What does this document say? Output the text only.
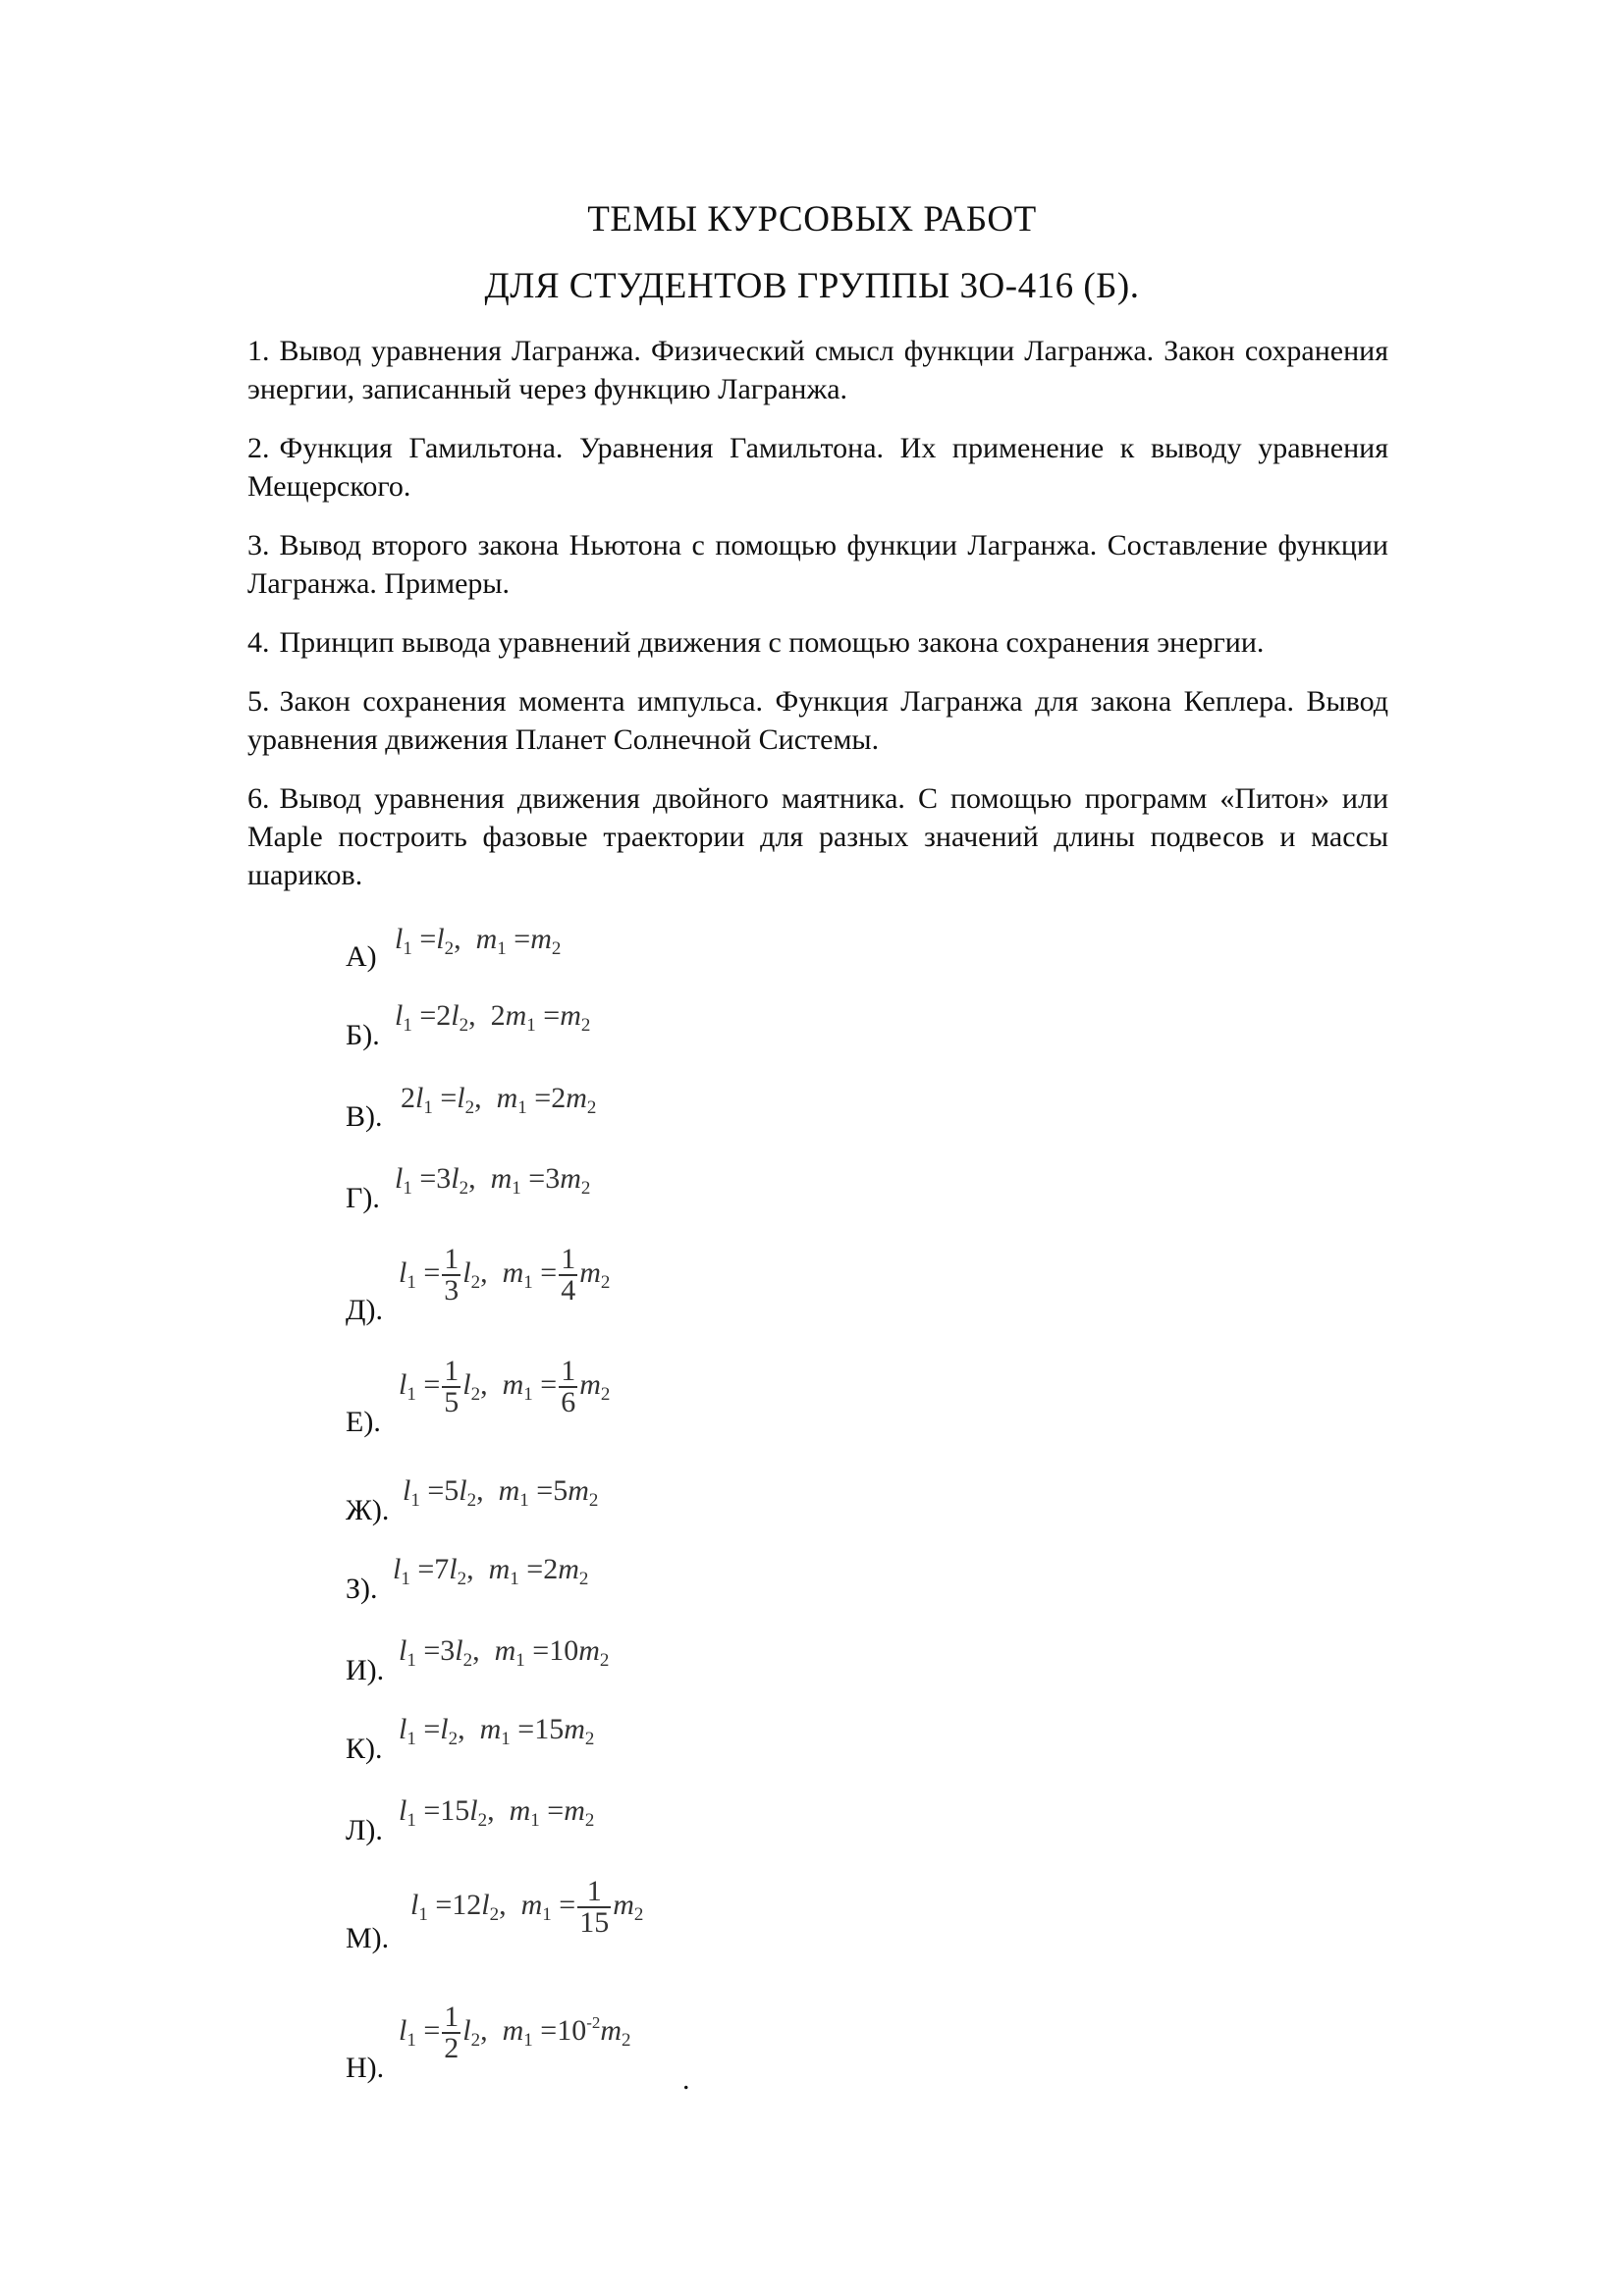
ТЕМЫ КУРСОВЫХ РАБОТ
ДЛЯ СТУДЕНТОВ ГРУППЫ 3О-416 (Б).

1. Вывод уравнения Лагранжа. Физический смысл функции Лагранжа. Закон сохранения энергии, записанный через функцию Лагранжа.

2. Функция Гамильтона. Уравнения Гамильтона. Их применение к выводу уравнения Мещерского.

3. Вывод второго закона Ньютона с помощью функции Лагранжа. Составление функции Лагранжа. Примеры.

4. Принцип вывода уравнений движения с помощью закона сохранения энергии.

5. Закон сохранения момента импульса. Функция Лагранжа для закона Кеплера. Вывод уравнения движения Планет Солнечной Системы.

6. Вывод уравнения движения двойного маятника. С помощью программ «Питон» или Maple построить фазовые траектории для разных значений длины подвесов и массы шариков.

А)
$l_1 =l_2$,  $m_1 =m_2$
Б).
$l_1 =2l_2$,  $2m_1 =m_2$
В).
$2l_1 =l_2$,  $m_1 =2m_2$
Г).
$l_1 =3l_2$,  $m_1 =3m_2$
Д).
$l_1 = \frac{1}{3} l_2$,  $m_1 = \frac{1}{4} m_2$
Е).
$l_1 = \frac{1}{5} l_2$,  $m_1 = \frac{1}{6} m_2$
Ж).
$l_1 =5l_2$,  $m_1 =5m_2$
З).
$l_1 =7l_2$,  $m_1 =2m_2$
И).
$l_1 =3l_2$,  $m_1 =10m_2$
К).
$l_1 =l_2$,  $m_1 =15m_2$
Л).
$l_1 =15l_2$,  $m_1 =m_2$
М).
$l_1 =12l_2$,  $m_1 = \frac{1}{15} m_2$
Н).
$l_1 = \frac{1}{2} l_2$,  $m_1 =10^{-2}m_2$
.
